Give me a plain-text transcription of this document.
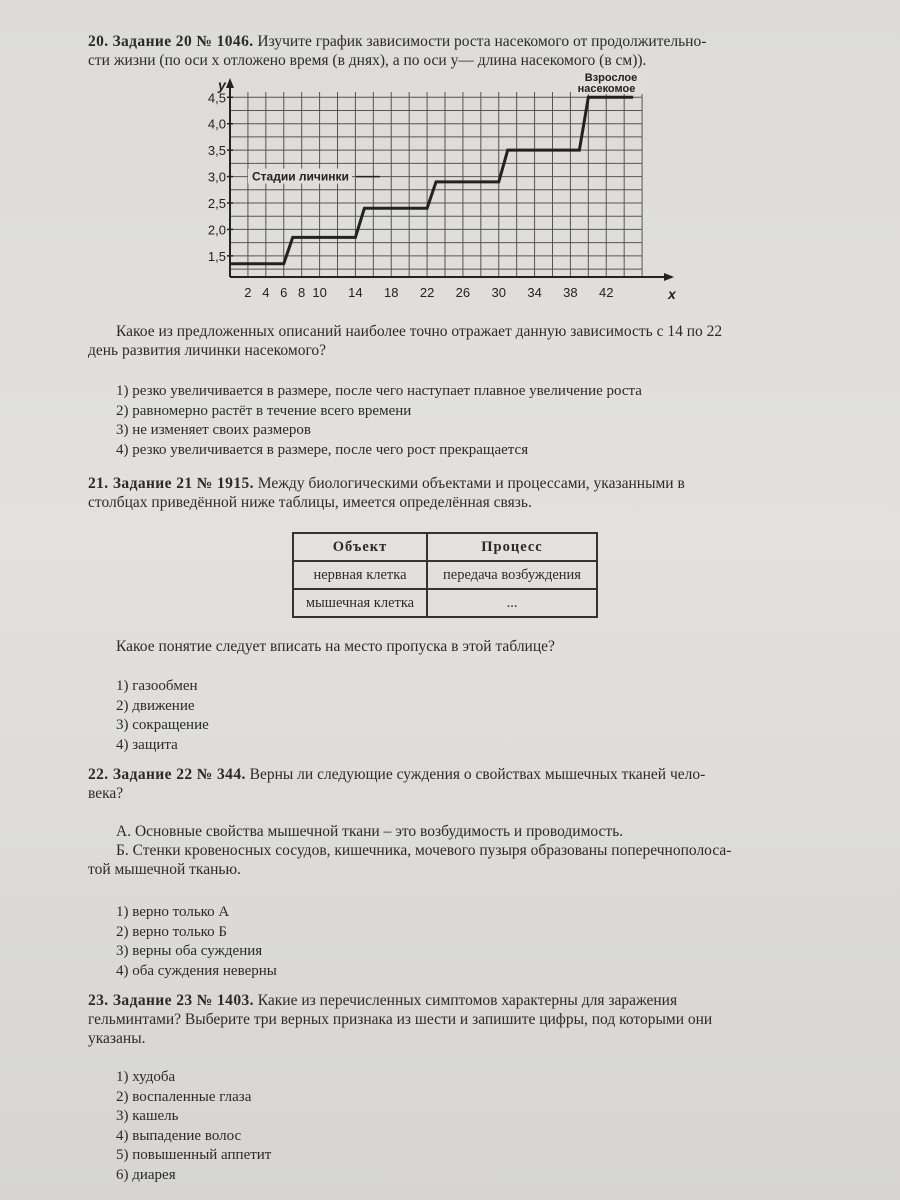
20. Задание 20 № 1046. Изучите график зависимости роста насекомого от продолжительно-

сти жизни (по оси x отложено время (в днях), а по оси y— длина насекомого (в см)).

1,5
2,0
2,5
3,0
3,5
4,0
4,5
2 4 6 8 10 14 18 22 26 30 34 38 42
y
x
Стадии личинки
Взрослое насекомое
Какое из предложенных описаний наиболее точно отражает данную зависимость с 14 по 22
день развития личинки насекомого?
1) резко увеличивается в размере, после чего наступает плавное увеличение роста
2) равномерно растёт в течение всего времени
3) не изменяет своих размеров
4) резко увеличивается в размере, после чего рост прекращается

21. Задание 21 № 1915. Между биологическими объектами и процессами, указанными в

столбцах приведённой ниже таблицы, имеется определённая связь.

Объект	Процесс
нервная клетка	передача возбуждения
мышечная клетка	...
Какое понятие следует вписать на место пропуска в этой таблице?
1) газообмен
2) движение
3) сокращение
4) защита

22. Задание 22 № 344. Верны ли следующие суждения о свойствах мышечных тканей чело-

века?

А. Основные свойства мышечной ткани – это возбудимость и проводимость.
Б. Стенки кровеносных сосудов, кишечника, мочевого пузыря образованы поперечнополоса-
той мышечной тканью.
1) верно только А
2) верно только Б
3) верны оба суждения
4) оба суждения неверны

23. Задание 23 № 1403. Какие из перечисленных симптомов характерны для заражения

гельминтами? Выберите три верных признака из шести и запишите цифры, под которыми они

указаны.

1) худоба
2) воспаленные глаза
3) кашель
4) выпадение волос
5) повышенный аппетит
6) диарея
